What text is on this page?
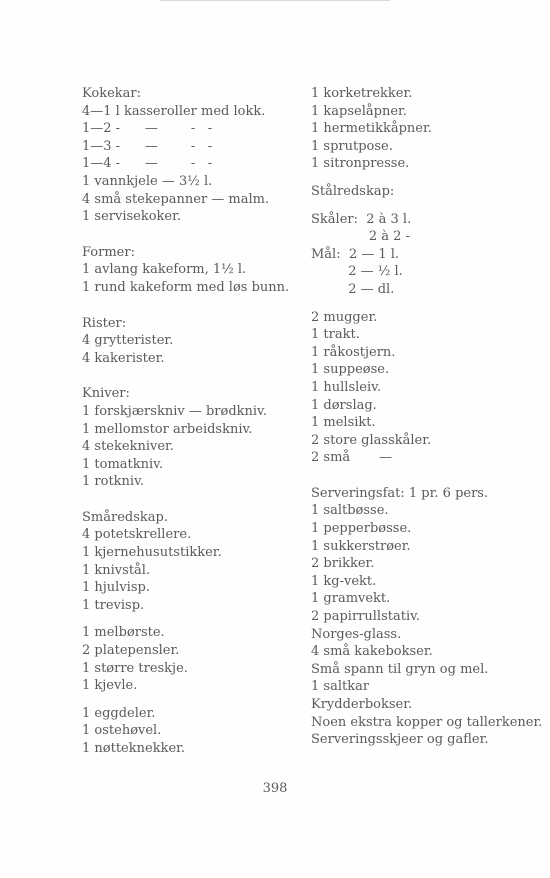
Kokekar:
4—1 l kasseroller med lokk.
1—2 -      —        -   -
1—3 -      —        -   -
1—4 -      —        -   -
1 vannkjele — 3½ l.
4 små stekepanner — malm.
1 servisekoker.
Former:
1 avlang kakeform, 1½ l.
1 rund kakeform med løs bunn.
Rister:
4 grytterister.
4 kakerister.
Kniver:
1 forskjærskniv — brødkniv.
1 mellomstor arbeidskniv.
4 stekekniver.
1 tomatkniv.
1 rotkniv.
Småredskap.
4 potetskrellere.
1 kjernehusutstikker.
1 knivstål.
1 hjulvisp.
1 trevisp.
1 melbørste.
2 platepensler.
1 større treskje.
1 kjevle.
1 eggdeler.
1 ostehøvel.
1 nøtteknekker.
1 korketrekker.
1 kapselåpner.
1 hermetikkåpner.
1 sprutpose.
1 sitronpresse.
Stålredskap:
Skåler:  2 à 3 l.
2 à 2 -
Mål:  2 — 1 l.
2 — ½ l.
2 — dl.
2 mugger.
1 trakt.
1 råkostjern.
1 suppeøse.
1 hullsleiv.
1 dørslag.
1 melsikt.
2 store glasskåler.
2 små       —
Serveringsfat: 1 pr. 6 pers.
1 saltbøsse.
1 pepperbøsse.
1 sukkerstrøer.
2 brikker.
1 kg-vekt.
1 gramvekt.
2 papirrullstativ.
Norges-glass.
4 små kakebokser.
Små spann til gryn og mel.
1 saltkar
Krydderbokser.
Noen ekstra kopper og tallerkener.
Serveringsskjeer og gafler.
398
